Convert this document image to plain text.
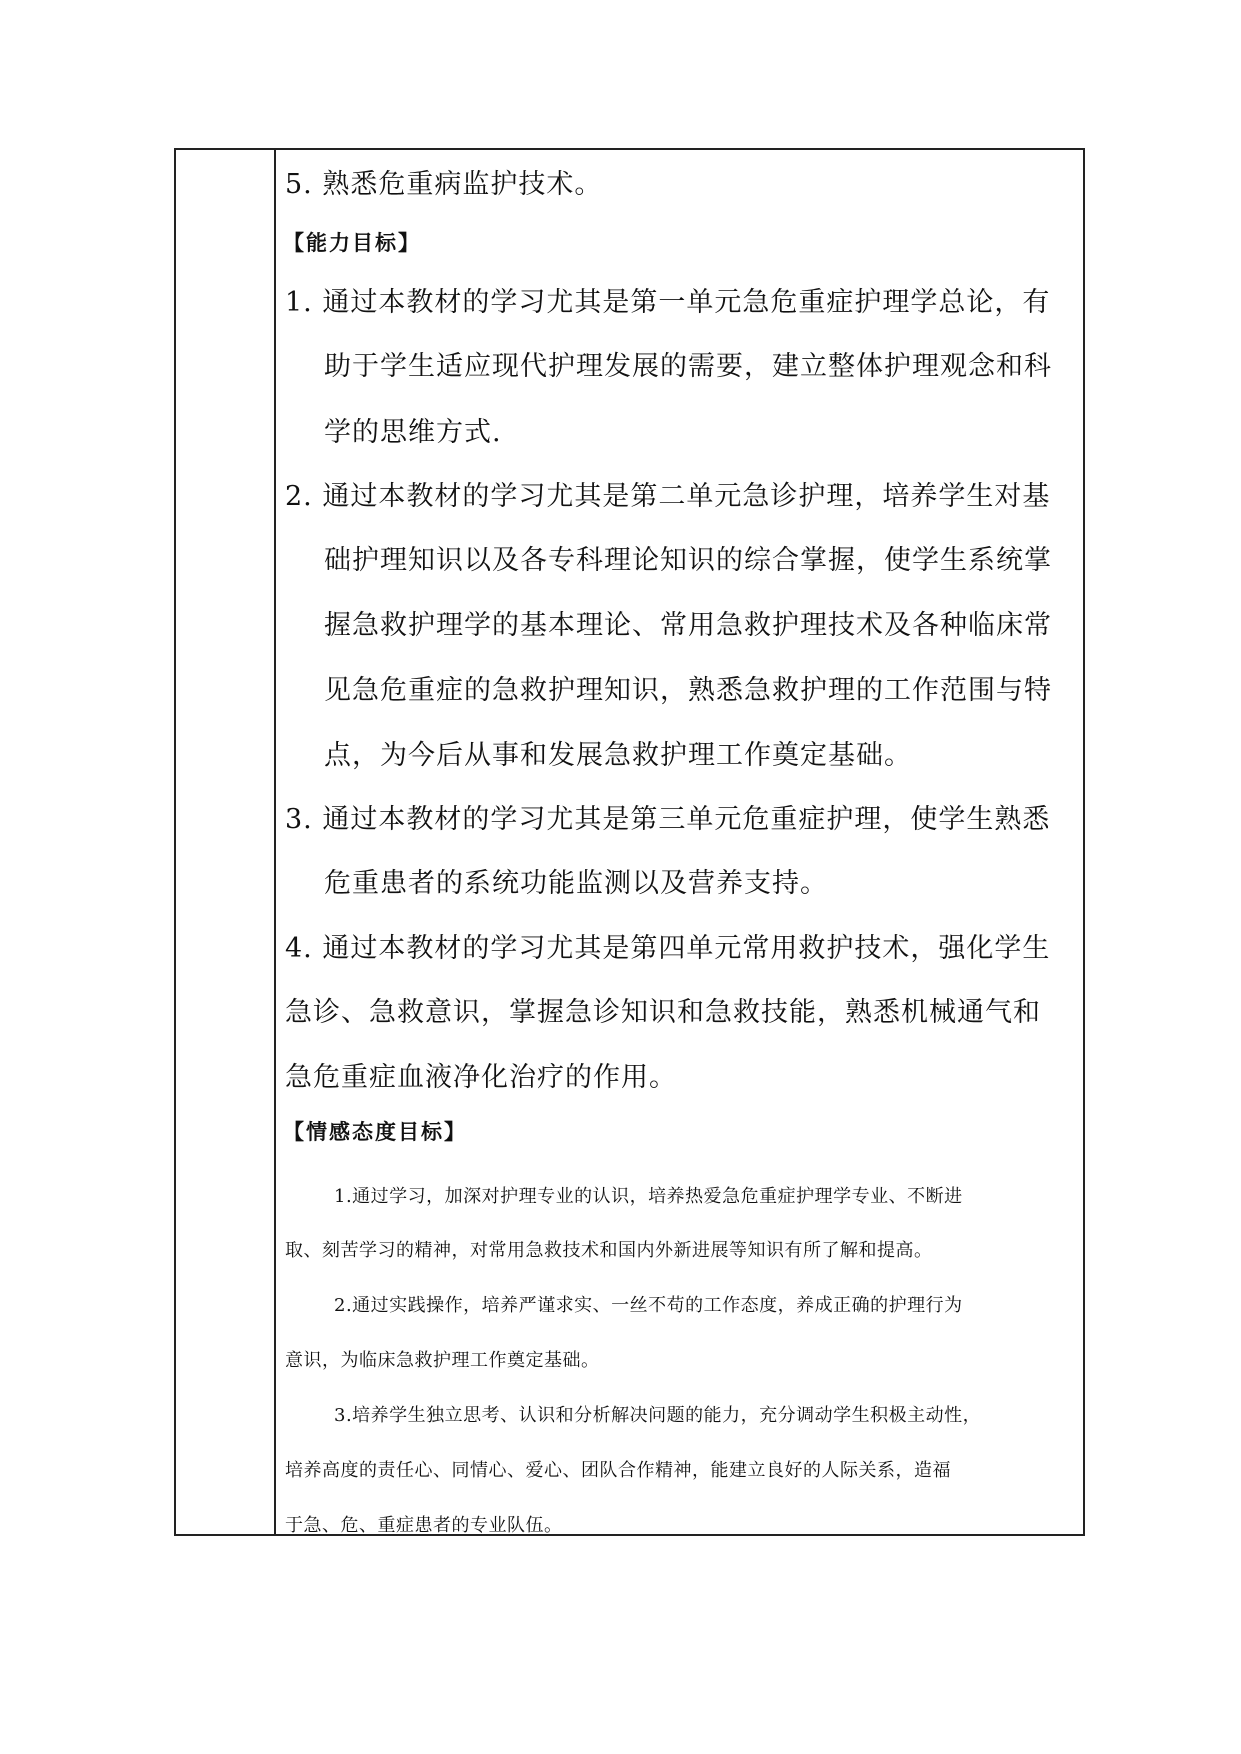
5. 熟悉危重病监护技术。
【能力目标】
1. 通过本教材的学习尤其是第一单元急危重症护理学总论，有
助于学生适应现代护理发展的需要，建立整体护理观念和科
学的思维方式.
2. 通过本教材的学习尤其是第二单元急诊护理，培养学生对基
础护理知识以及各专科理论知识的综合掌握，使学生系统掌
握急救护理学的基本理论、常用急救护理技术及各种临床常
见急危重症的急救护理知识，熟悉急救护理的工作范围与特
点，为今后从事和发展急救护理工作奠定基础。
3. 通过本教材的学习尤其是第三单元危重症护理，使学生熟悉
危重患者的系统功能监测以及营养支持。
4. 通过本教材的学习尤其是第四单元常用救护技术，强化学生
急诊、急救意识，掌握急诊知识和急救技能，熟悉机械通气和
急危重症血液净化治疗的作用。
【情感态度目标】
1.通过学习，加深对护理专业的认识，培养热爱急危重症护理学专业、不断进
取、刻苦学习的精神，对常用急救技术和国内外新进展等知识有所了解和提高。
2.通过实践操作，培养严谨求实、一丝不苟的工作态度，养成正确的护理行为
意识，为临床急救护理工作奠定基础。
3.培养学生独立思考、认识和分析解决问题的能力，充分调动学生积极主动性，
培养高度的责任心、同情心、爱心、团队合作精神，能建立良好的人际关系，造福
于急、危、重症患者的专业队伍。
